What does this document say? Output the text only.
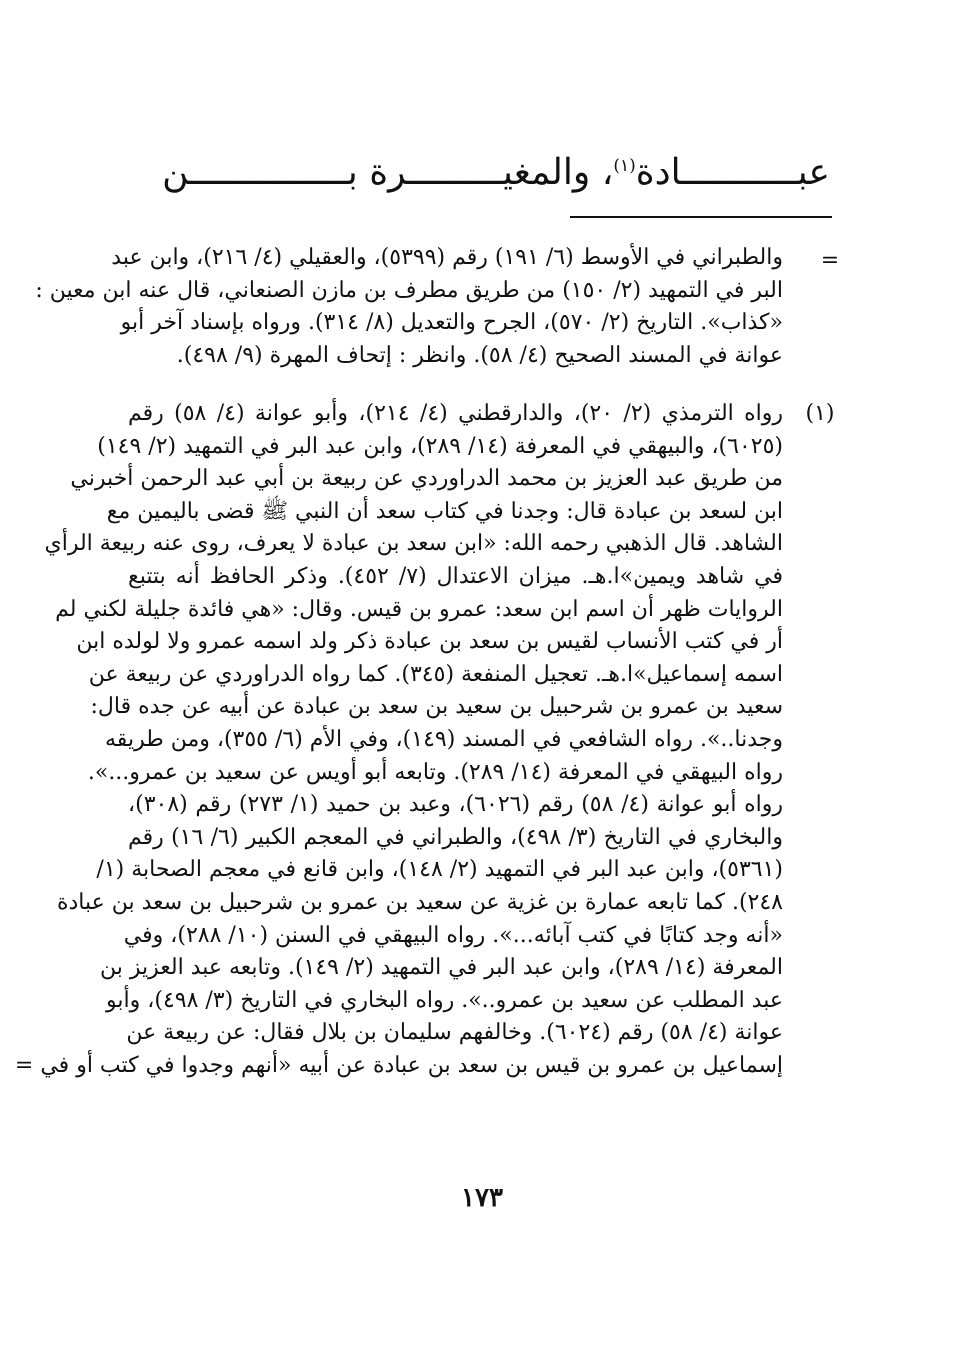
عبـــــــــــادة$^{(١)}$، والمغيـــــــــرة بـــــــــــــــن
=
والطبراني في الأوسط (٦/ ١٩١) رقم (٥٣٩٩)، والعقيلي (٤/ ٢١٦)، وابن عبد
البر في التمهيد (٢/ ١٥٠) من طريق مطرف بن مازن الصنعاني، قال عنه ابن معين :
«كذاب». التاريخ (٢/ ٥٧٠)، الجرح والتعديل (٨/ ٣١٤). ورواه بإسناد آخر أبو
عوانة في المسند الصحيح (٤/ ٥٨). وانظر : إتحاف المهرة (٩/ ٤٩٨).
(١)
رواه الترمذي (٢/ ٢٠)، والدارقطني (٤/ ٢١٤)، وأبو عوانة (٤/ ٥٨) رقم
(٦٠٢٥)، والبيهقي في المعرفة (١٤/ ٢٨٩)، وابن عبد البر في التمهيد (٢/ ١٤٩)
من طريق عبد العزيز بن محمد الدراوردي عن ربيعة بن أبي عبد الرحمن أخبرني
ابن لسعد بن عبادة قال: وجدنا في كتاب سعد أن النبي ﷺ قضى باليمين مع
الشاهد. قال الذهبي رحمه الله: «ابن سعد بن عبادة لا يعرف، روى عنه ربيعة الرأي
في شاهد ويمين»ا.هـ. ميزان الاعتدال (٧/ ٤٥٢). وذكر الحافظ أنه بتتبع
الروايات ظهر أن اسم ابن سعد: عمرو بن قيس. وقال: «هي فائدة جليلة لكني لم
أر في كتب الأنساب لقيس بن سعد بن عبادة ذكر ولد اسمه عمرو ولا لولده ابن
اسمه إسماعيل»ا.هـ. تعجيل المنفعة (٣٤٥). كما رواه الدراوردي عن ربيعة عن
سعيد بن عمرو بن شرحبيل بن سعيد بن سعد بن عبادة عن أبيه عن جده قال:
وجدنا..». رواه الشافعي في المسند (١٤٩)، وفي الأم (٦/ ٣٥٥)، ومن طريقه
رواه البيهقي في المعرفة (١٤/ ٢٨٩). وتابعه أبو أويس عن سعيد بن عمرو...».
رواه أبو عوانة (٤/ ٥٨) رقم (٦٠٢٦)، وعبد بن حميد (١/ ٢٧٣) رقم (٣٠٨)،
والبخاري في التاريخ (٣/ ٤٩٨)، والطبراني في المعجم الكبير (٦/ ١٦) رقم
(٥٣٦١)، وابن عبد البر في التمهيد (٢/ ١٤٨)، وابن قانع في معجم الصحابة (١/
٢٤٨). كما تابعه عمارة بن غزية عن سعيد بن عمرو بن شرحبيل بن سعد بن عبادة
«أنه وجد كتابًا في كتب آبائه...». رواه البيهقي في السنن (١٠/ ٢٨٨)، وفي
المعرفة (١٤/ ٢٨٩)، وابن عبد البر في التمهيد (٢/ ١٤٩). وتابعه عبد العزيز بن
عبد المطلب عن سعيد بن عمرو..». رواه البخاري في التاريخ (٣/ ٤٩٨)، وأبو
عوانة (٤/ ٥٨) رقم (٦٠٢٤). وخالفهم سليمان بن بلال فقال: عن ربيعة عن
إسماعيل بن عمرو بن قيس بن سعد بن عبادة عن أبيه «أنهم وجدوا في كتب أو في =
١٧٣
